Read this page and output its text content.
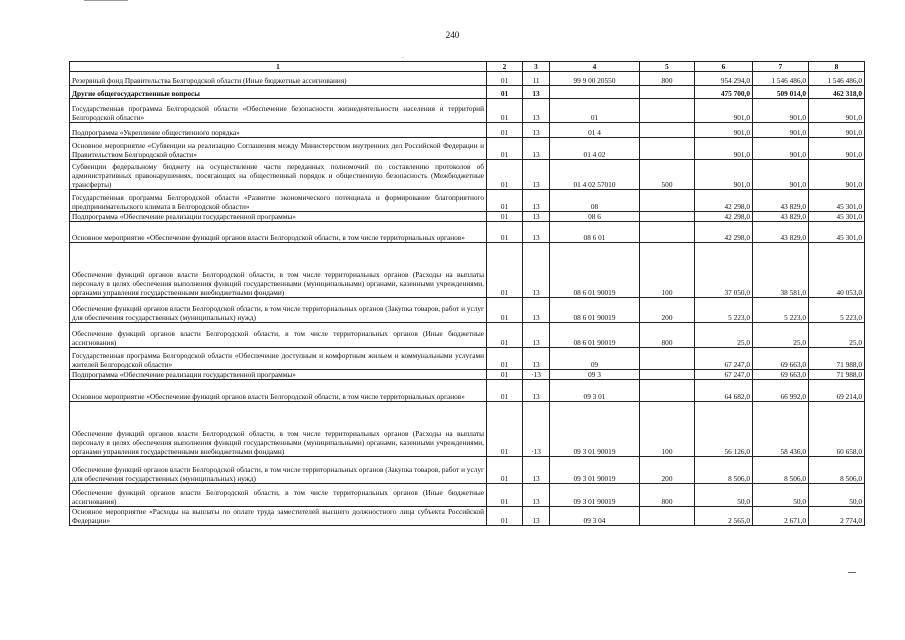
240
.
1	2	3	4	5	6	7	8
Резервный фонд Правительства Белгородской области (Иные бюджетные ассигнования)	01	11	99 9 00 20550	800	954 294,0	1 546 486,0	1 546 486,0
Другие общегосударственные вопросы	01	13			475 700,0	509 014,0	462 318,0
Государственная программа Белгородской области «Обеспечение безопасности жизнедеятельности населения и территорий Белгородской области»	01	13	01		901,0	901,0	901,0
Подпрограмма «Укрепление общественного порядка»	01	13	01 4		901,0	901,0	901,0
Основное мероприятие «Субвенции на реализацию Соглашения между Министерством внутренних дел Российской Федерации и Правительством Белгородской области»	01	13	01 4 02		901,0	901,0	901,0
Субвенции федеральному бюджету на осуществление части переданных полномочий по составлению протоколов об административных правонарушениях, посягающих на общественный порядок и общественную безопасность (Межбюджетные трансферты)	01	13	01 4 02 57010	500	901,0	901,0	901,0
Государственная программа Белгородской области «Развитие экономического потенциала и формирование благоприятного предпринимательского климата в Белгородской области»	01	13	08		42 298,0	43 829,0	45 301,0
Подпрограмма «Обеспечение реализации государственной программы»	01	13	08 6		42 298,0	43 829,0	45 301,0
Основное мероприятие «Обеспечение функций органов власти Белгородской области, в том числе территориальных органов»	01	13	08 6 01		42 298,0	43 829,0	45 301,0
Обеспечение функций органов власти Белгородской области, в том числе территориальных органов (Расходы на выплаты персоналу в целях обеспечения выполнения функций государственными (муниципальными) органами, казенными учреждениями, органами управления государственными внебюджетными фондами)	01	13	08 6 01 90019	100	37 050,0	38 581,0	40 053,0
Обеспечение функций органов власти Белгородской области, в том числе территориальных органов (Закупка товаров, работ и услуг для обеспечения государственных (муниципальных) нужд)	01	13	08 6 01 90019	200	5 223,0	5 223,0	5 223,0
Обеспечение функций органов власти Белгородской области, в том числе территориальных органов (Иные бюджетные ассигнования)	01	13	08 6 01 90019	800	25,0	25,0	25,0
Государственная программа Белгородской области «Обеспечение доступным и комфортным жильем и коммунальными услугами жителей Белгородской области»	01	13	09		67 247,0	69 663,0	71 988,0
Подпрограмма «Обеспечение реализации государственной программы»	01	·13	09 3		67 247,0	69 663,0	71 988,0
Основное мероприятие «Обеспечение функций органов власти Белгородской области, в том числе территориальных органов»	01	13	09 3 01		64 682,0	66 992,0	69 214,0
Обеспечение функций органов власти Белгородской области, в том числе территориальных органов (Расходы на выплаты персоналу в целях обеспечения выполнения функций государственными (муниципальными) органами, казенными учреждениями, органами управления государственными внебюджетными фондами)	01	·13	09 3 01 90019	100	56 126,0	58 436,0	60 658,0
Обеспечение функций органов власти Белгородской области, в том числе территориальных органов (Закупка товаров, работ и услуг для обеспечения государственных (муниципальных) нужд)	01	13	09 3 01 90019	200	8 506,0	8 506,0	8 506,0
Обеспечение функций органов власти Белгородской области, в том числе территориальных органов (Иные бюджетные ассигнования)	01	13	09 3 01 90019	800	50,0	50,0	50,0
Основное мероприятие «Расходы на выплаты по оплате труда заместителей высшего должностного лица субъекта Российской Федерации»	01	13	09 3 04		2 565,0	2 671,0	2 774,0
